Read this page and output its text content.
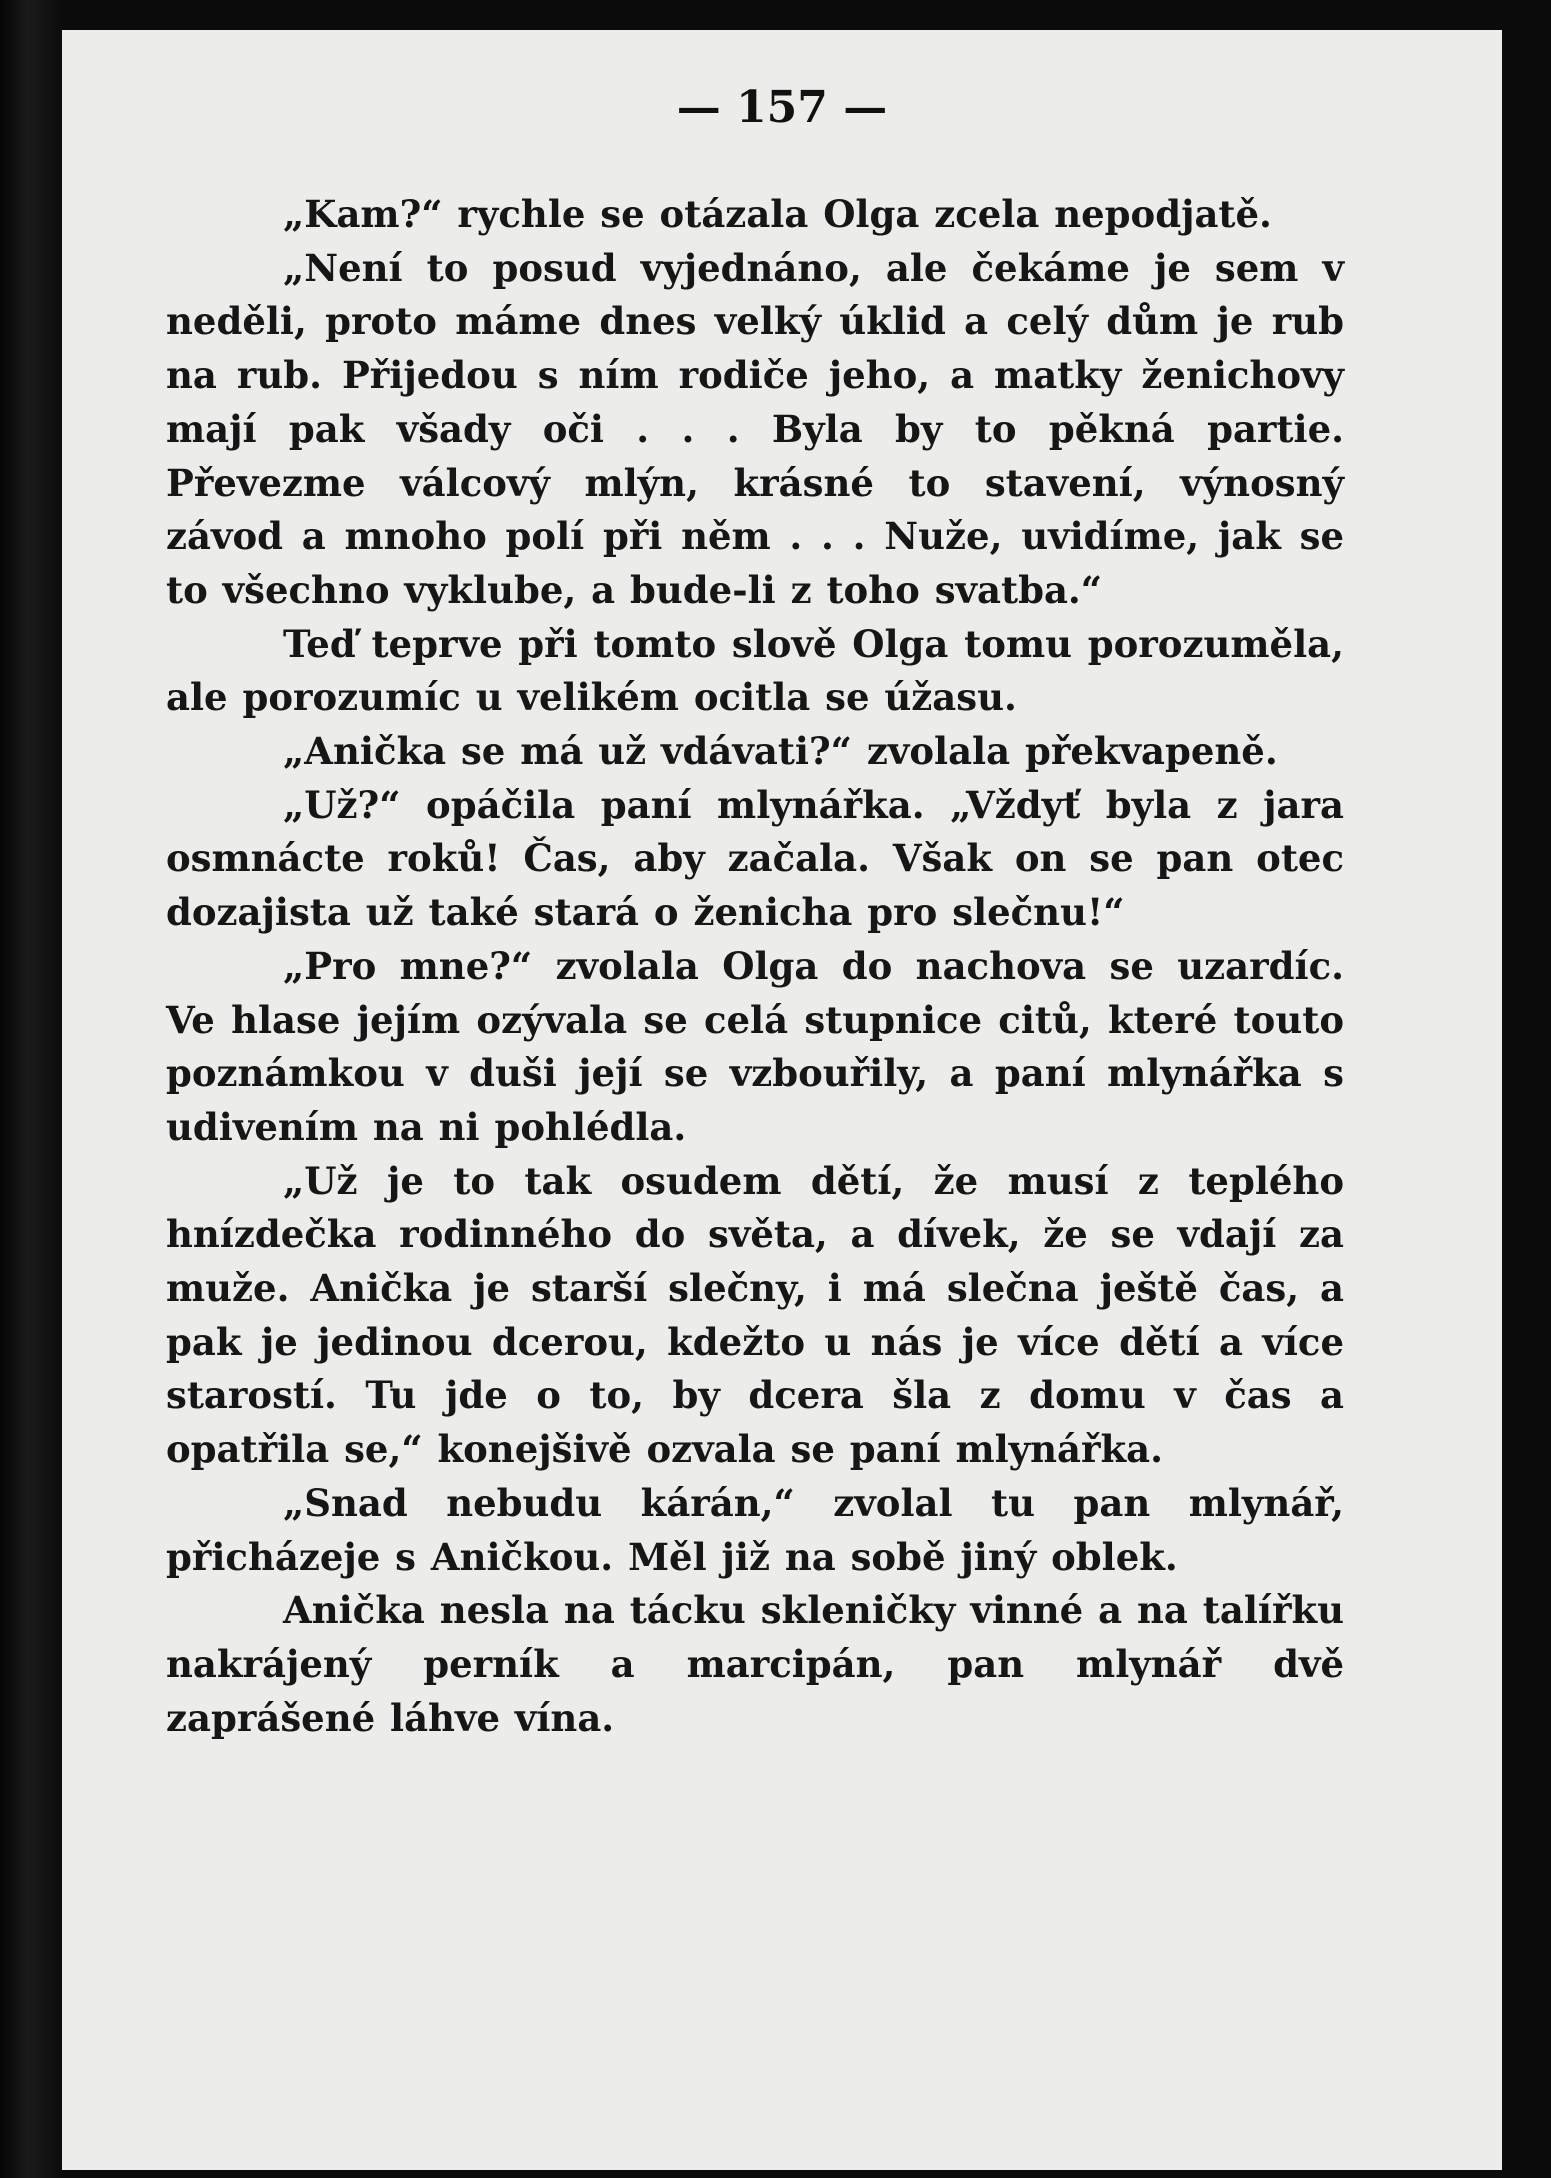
— 157 —

„Kam?“ rychle se otázala Olga zcela nepodjatě.

„Není to posud vyjednáno, ale čekáme je sem v neděli, proto máme dnes velký úklid a celý dům je rub na rub. Přijedou s ním rodiče jeho, a matky ženichovy mají pak všady oči . . . Byla by to pěkná partie. Převezme válcový mlýn, krásné to stavení, výnosný závod a mnoho polí při něm . . . Nuže, uvidíme, jak se to všechno vyklube, a bude-li z toho svatba.“

Teď teprve při tomto slově Olga tomu porozuměla, ale porozumíc u velikém ocitla se úžasu.

„Anička se má už vdávati?“ zvolala překvapeně.

„Už?“ opáčila paní mlynářka. „Vždyť byla z jara osmnácte roků! Čas, aby začala. Však on se pan otec dozajista už také stará o ženicha pro slečnu!“

„Pro mne?“ zvolala Olga do nachova se uzardíc. Ve hlase jejím ozývala se celá stupnice citů, které touto poznámkou v duši její se vzbouřily, a paní mlynářka s udivením na ni pohlédla.

„Už je to tak osudem dětí, že musí z teplého hnízdečka rodinného do světa, a dívek, že se vdají za muže. Anička je starší slečny, i má slečna ještě čas, a pak je jedinou dcerou, kdežto u nás je více dětí a více starostí. Tu jde o to, by dcera šla z domu v čas a opatřila se,“ konejšivě ozvala se paní mlynářka.

„Snad nebudu kárán,“ zvolal tu pan mlynář, přicházeje s Aničkou. Měl již na sobě jiný oblek.

Anička nesla na tácku skleničky vinné a na talířku nakrájený perník a marcipán, pan mlynář dvě zaprášené láhve vína.
